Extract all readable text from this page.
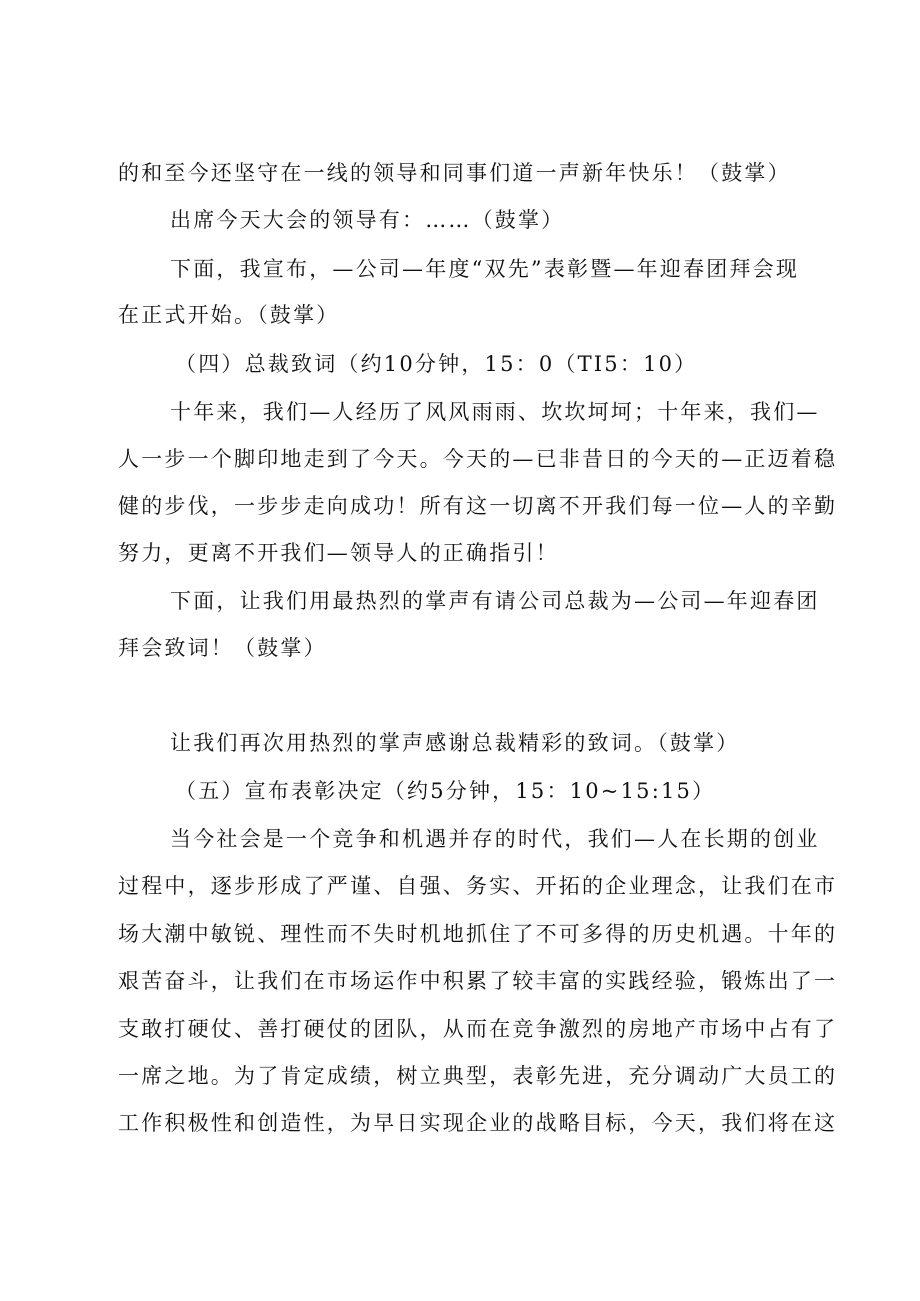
的和至今还坚守在一线的领导和同事们道一声新年快乐！（鼓掌）
出席今天大会的领导有：……（鼓掌）
下面，我宣布，—公司—年度“双先”表彰暨—年迎春团拜会现
在正式开始。（鼓掌）
（四）总裁致词（约10分钟，15：0（TI5：10）
十年来，我们—人经历了风风雨雨、坎坎坷坷；十年来，我们—
人一步一个脚印地走到了今天。今天的—已非昔日的今天的—正迈着稳
健的步伐，一步步走向成功！所有这一切离不开我们每一位—人的辛勤
努力，更离不开我们—领导人的正确指引！
下面，让我们用最热烈的掌声有请公司总裁为—公司—年迎春团
拜会致词！（鼓掌）
让我们再次用热烈的掌声感谢总裁精彩的致词。（鼓掌）
（五）宣布表彰决定（约5分钟，15：10~15:15）
当今社会是一个竞争和机遇并存的时代，我们—人在长期的创业
过程中，逐步形成了严谨、自强、务实、开拓的企业理念，让我们在市
场大潮中敏锐、理性而不失时机地抓住了不可多得的历史机遇。十年的
艰苦奋斗，让我们在市场运作中积累了较丰富的实践经验，锻炼出了一
支敢打硬仗、善打硬仗的团队，从而在竞争激烈的房地产市场中占有了
一席之地。为了肯定成绩，树立典型，表彰先进，充分调动广大员工的
工作积极性和创造性，为早日实现企业的战略目标，今天，我们将在这
